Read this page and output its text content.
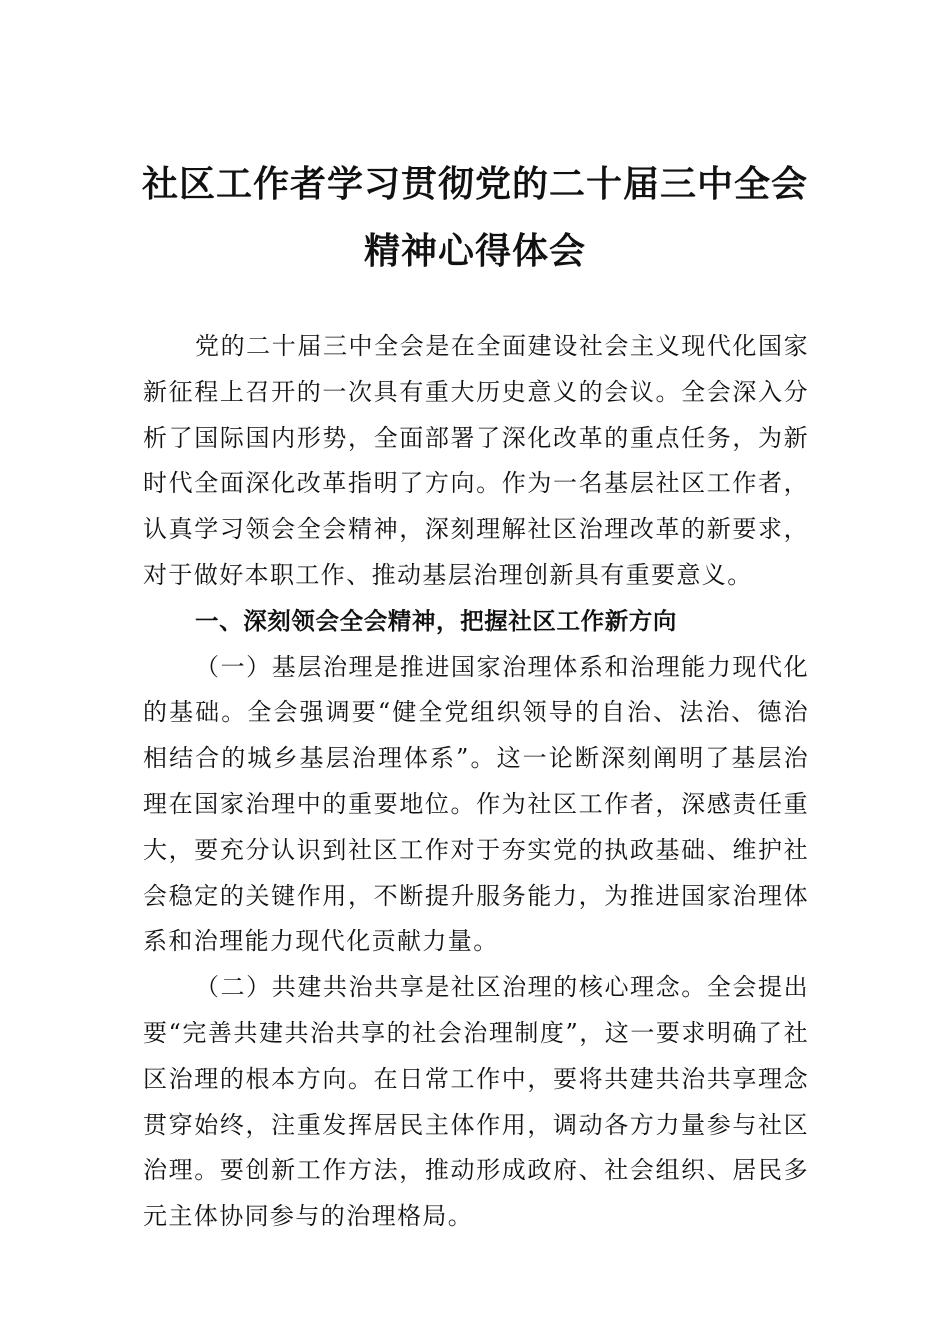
社区工作者学习贯彻党的二十届三中全会
精神心得体会

党的二十届三中全会是在全面建设社会主义现代化国家新征程上召开的一次具有重大历史意义的会议。全会深入分析了国际国内形势，全面部署了深化改革的重点任务，为新时代全面深化改革指明了方向。作为一名基层社区工作者，认真学习领会全会精神，深刻理解社区治理改革的新要求，对于做好本职工作、推动基层治理创新具有重要意义。

一、深刻领会全会精神，把握社区工作新方向

（一）基层治理是推进国家治理体系和治理能力现代化的基础。全会强调要“健全党组织领导的自治、法治、德治相结合的城乡基层治理体系”。这一论断深刻阐明了基层治理在国家治理中的重要地位。作为社区工作者，深感责任重大，要充分认识到社区工作对于夯实党的执政基础、维护社会稳定的关键作用，不断提升服务能力，为推进国家治理体系和治理能力现代化贡献力量。

（二）共建共治共享是社区治理的核心理念。全会提出要“完善共建共治共享的社会治理制度”，这一要求明确了社区治理的根本方向。在日常工作中，要将共建共治共享理念贯穿始终，注重发挥居民主体作用，调动各方力量参与社区治理。要创新工作方法，推动形成政府、社会组织、居民多元主体协同参与的治理格局。
